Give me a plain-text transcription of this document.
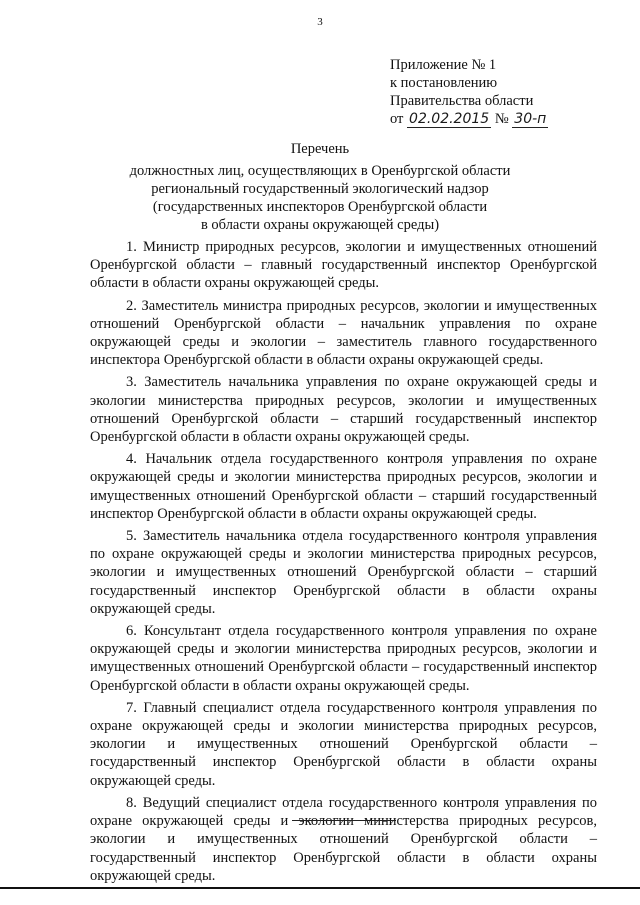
3
Приложение № 1
к постановлению
Правительства области
от 02.02.2015 № 30-п
Перечень
должностных лиц, осуществляющих в Оренбургской области
региональный государственный экологический надзор
(государственных инспекторов Оренбургской области
в области охраны окружающей среды)

1. Министр природных ресурсов, экологии и имущественных отношений Оренбургской области – главный государственный инспектор Оренбургской области в области охраны окружающей среды.

2. Заместитель министра природных ресурсов, экологии и имущественных отношений Оренбургской области – начальник управления по охране окружающей среды и экологии – заместитель главного государственного инспектора Оренбургской области в области охраны окружающей среды.

3. Заместитель начальника управления по охране окружающей среды и экологии министерства природных ресурсов, экологии и имущественных отношений Оренбургской области – старший государственный инспектор Оренбургской области в области охраны окружающей среды.

4. Начальник отдела государственного контроля управления по охране окружающей среды и экологии министерства природных ресурсов, экологии и имущественных отношений Оренбургской области – старший государственный инспектор Оренбургской области в области охраны окружающей среды.

5. Заместитель начальника отдела государственного контроля управления по охране окружающей среды и экологии министерства природных ресурсов, экологии и имущественных отношений Оренбургской области – старший государственный инспектор Оренбургской области в области охраны окружающей среды.

6. Консультант отдела государственного контроля управления по охране окружающей среды и экологии министерства природных ресурсов, экологии и имущественных отношений Оренбургской области – государственный инспектор Оренбургской области в области охраны окружающей среды.

7. Главный специалист отдела государственного контроля управления по охране окружающей среды и экологии министерства природных ресурсов, экологии и имущественных отношений Оренбургской области – государственный инспектор Оренбургской области в области охраны окружающей среды.

8. Ведущий специалист отдела государственного контроля управления по охране окружающей среды и экологии министерства природных ресурсов, экологии и имущественных отношений Оренбургской области – государственный инспектор Оренбургской области в области охраны окружающей среды.
